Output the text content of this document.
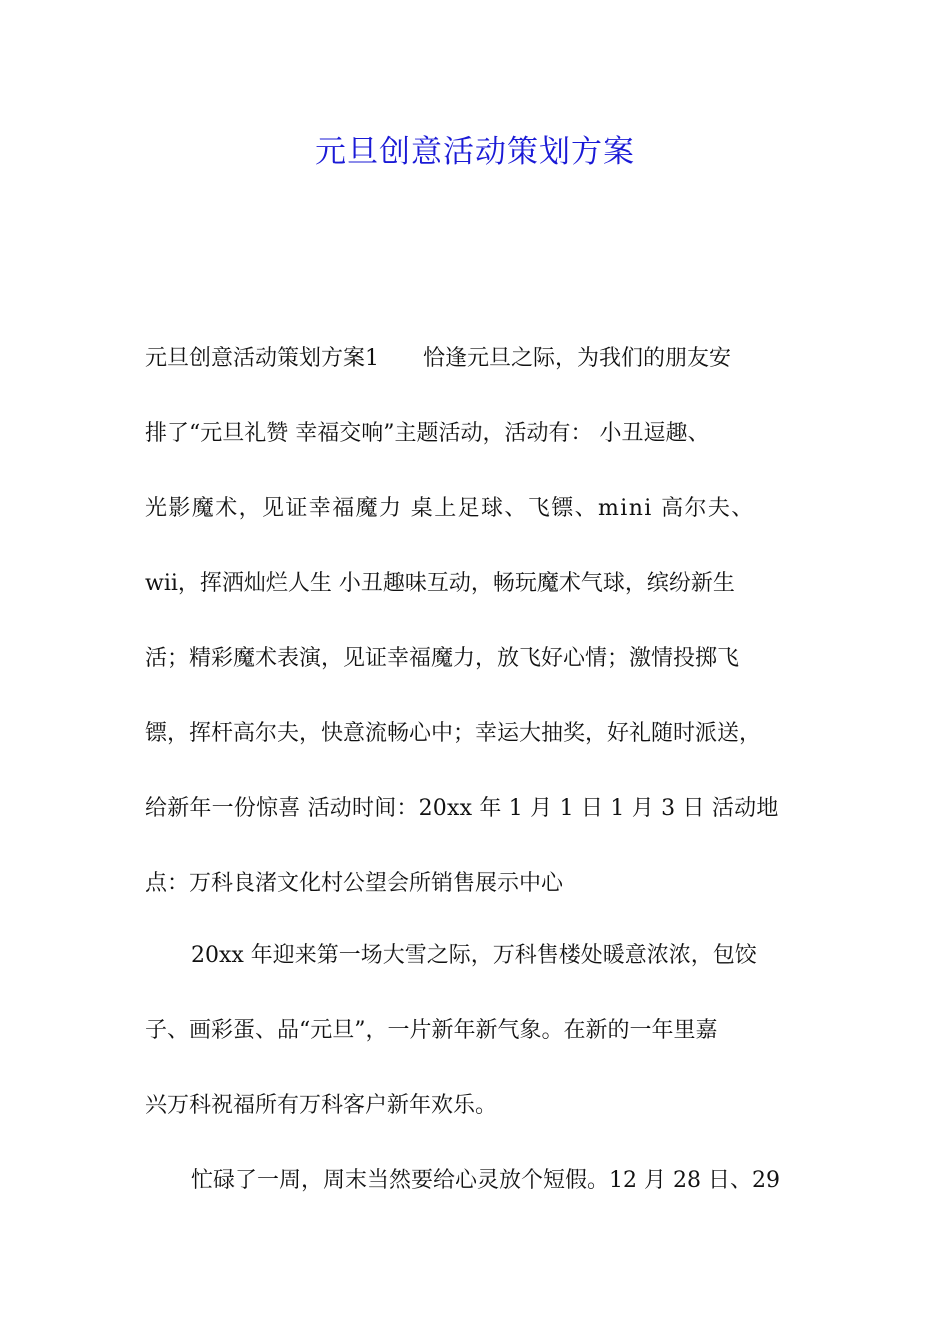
元旦创意活动策划方案
元旦创意活动策划方案1　　恰逢元旦之际，为我们的朋友安
排了“元旦礼赞 幸福交响”主题活动，活动有： 小丑逗趣、
光影魔术，见证幸福魔力 桌上足球、飞镖、mini 高尔夫、
wii，挥洒灿烂人生 小丑趣味互动，畅玩魔术气球，缤纷新生
活；精彩魔术表演，见证幸福魔力，放飞好心情；激情投掷飞
镖，挥杆高尔夫，快意流畅心中；幸运大抽奖，好礼随时派送，
给新年一份惊喜 活动时间：20xx 年 1 月 1 日 1 月 3 日 活动地
点：万科良渚文化村公望会所销售展示中心
20xx 年迎来第一场大雪之际，万科售楼处暖意浓浓，包饺
子、画彩蛋、品“元旦”，一片新年新气象。在新的一年里嘉
兴万科祝福所有万科客户新年欢乐。
忙碌了一周，周末当然要给心灵放个短假。12 月 28 日、29
